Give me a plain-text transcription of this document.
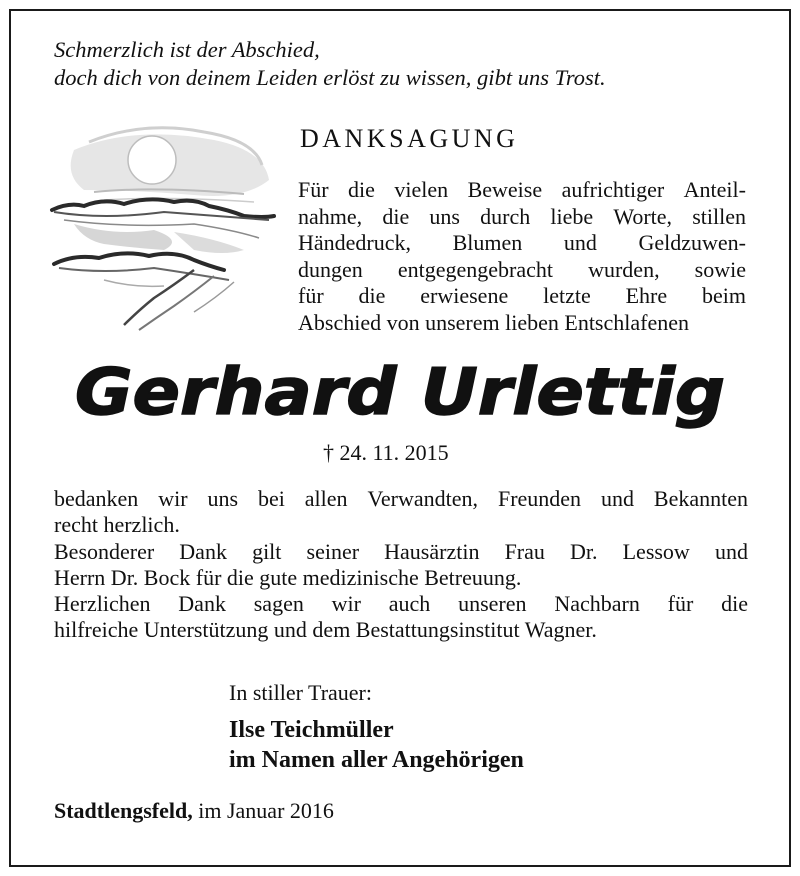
Schmerzlich ist der Abschied,
doch dich von deinem Leiden erlöst zu wissen, gibt uns Trost.
DANKSAGUNG
Für die vielen Beweise aufrichtiger Anteil-
nahme, die uns durch liebe Worte, stillen
Händedruck, Blumen und Geldzuwen-
dungen entgegengebracht wurden, sowie
für die erwiesene letzte Ehre beim
Abschied von unserem lieben Entschlafenen
Gerhard Urlettig
† 24. 11. 2015
bedanken wir uns bei allen Verwandten, Freunden und Bekannten
recht herzlich.
Besonderer Dank gilt seiner Hausärztin Frau Dr. Lessow und
Herrn Dr. Bock für die gute medizinische Betreuung.
Herzlichen Dank sagen wir auch unseren Nachbarn für die
hilfreiche Unterstützung und dem Bestattungsinstitut Wagner.
In stiller Trauer:
Ilse Teichmüller
im Namen aller Angehörigen
Stadtlengsfeld, im Januar 2016
